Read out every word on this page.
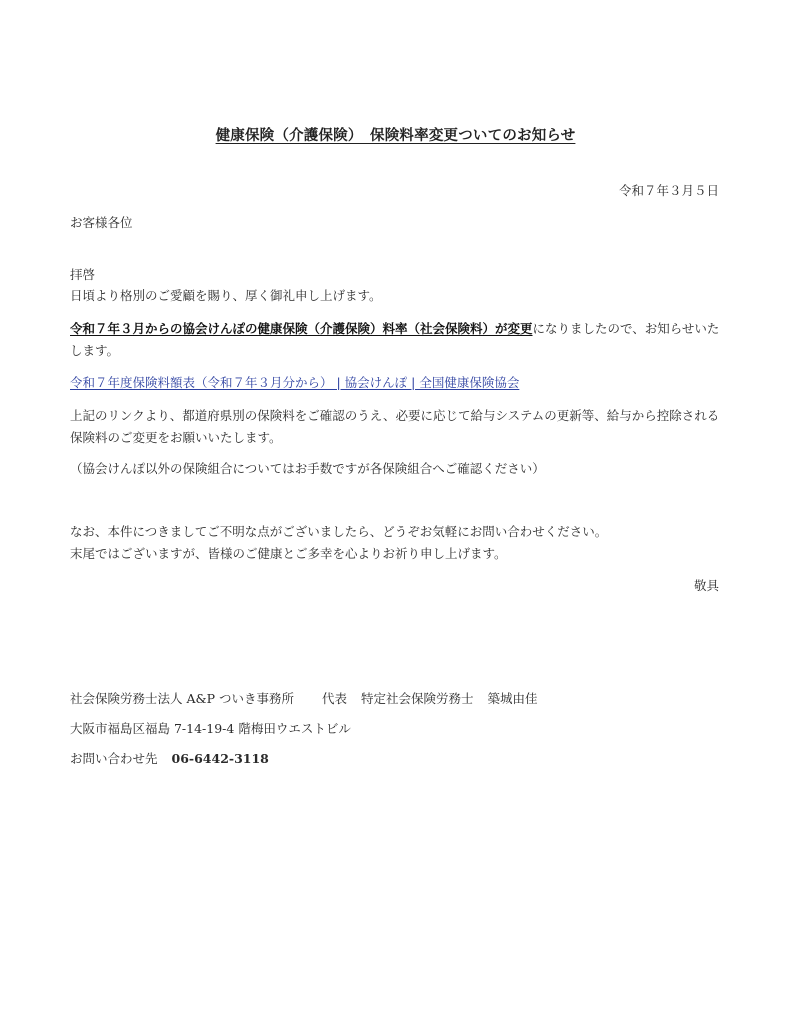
健康保険（介護保険）　保険料率変更ついてのお知らせ
令和７年３月５日
お客様各位
拝啓
日頃より格別のご愛顧を賜り、厚く御礼申し上げます。
令和７年３月からの協会けんぽの健康保険（介護保険）料率（社会保険料）が変更になりましたので、お知らせいたします。
令和７年度保険料額表（令和７年３月分から） | 協会けんぽ | 全国健康保険協会
上記のリンクより、都道府県別の保険料をご確認のうえ、必要に応じて給与システムの更新等、給与から控除される保険料のご変更をお願いいたします。
（協会けんぽ以外の保険組合についてはお手数ですが各保険組合へご確認ください）
なお、本件につきましてご不明な点がございましたら、どうぞお気軽にお問い合わせください。
末尾ではございますが、皆様のご健康とご多幸を心よりお祈り申し上げます。
敬具
社会保険労務士法人 A&P ついき事務所 代表 特定社会保険労務士 築城由佳
大阪市福島区福島 7-14-19-4 階梅田ウエストビル
お問い合わせ先 06-6442-3118
